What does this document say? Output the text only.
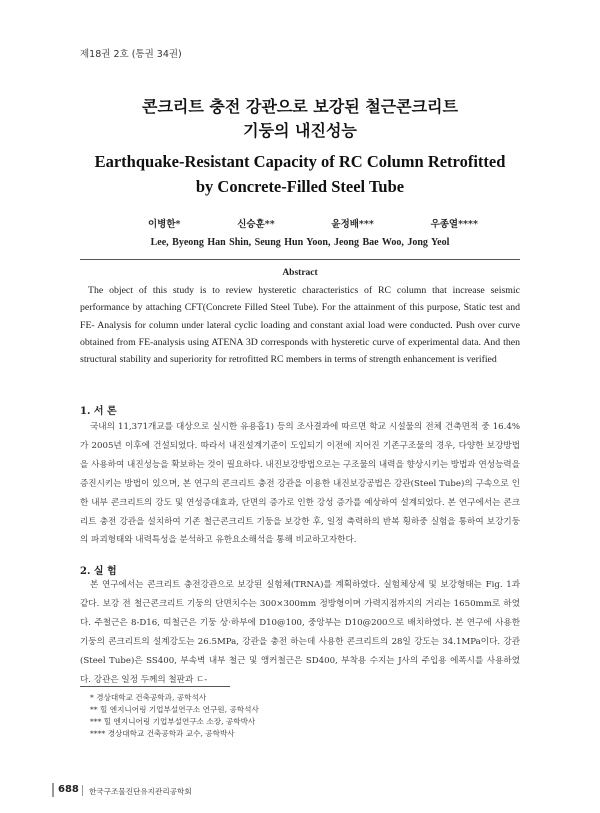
제18권 2호 (통권 34권)
콘크리트 충전 강관으로 보강된 철근콘크리트
기둥의 내진성능
Earthquake-Resistant Capacity of RC Column Retrofitted
by Concrete-Filled Steel Tube
이병한*	신승훈**	윤정배***	우종열****
Lee, Byeong Han Shin, Seung Hun Yoon, Jeong Bae Woo, Jong Yeol
Abstract

The object of this study is to review hysteretic characteristics of RC column that increase seismic performance by attaching CFT(Concrete Filled Steel Tube). For the attainment of this purpose, Static test and FE- Analysis for column under lateral cyclic loading and constant axial load were conducted. Push over curve obtained from FE-analysis using ATENA 3D corresponds with hysteretic curve of experimental data. And then structural stability and superiority for retrofitted RC members in terms of strength enhancement is verified

1. 서 론

국내의 11,371개교를 대상으로 실시한 유용흡1) 등의 조사결과에 따르면 학교 시설물의 전체 건축면적 중 16.4%가 2005년 이후에 건설되었다. 따라서 내진설계기준이 도입되기 이전에 지어진 기존구조물의 경우, 다양한 보강방법을 사용하여 내진성능을 확보하는 것이 필요하다. 내진보강방법으로는 구조물의 내력을 향상시키는 방법과 연성능력을 증진시키는 방법이 있으며, 본 연구의 콘크리트 충전 강관을 이용한 내진보강공법은 강관(Steel Tube)의 구속으로 인한 내부 콘크리트의 강도 및 연성증대효과, 단면의 증가로 인한 강성 증가를 예상하여 설계되었다. 본 연구에서는 콘크리트 충전 강관을 설치하여 기존 철근콘크리트 기둥을 보강한 후, 일정 축력하의 반복 횡하중 실험을 통하여 보강기둥의 파괴형태와 내력특성을 분석하고 유한요소해석을 통해 비교하고자한다.

2. 실 험

본 연구에서는 콘크리트 충전강관으로 보강된 실험체(TRNA)를 계획하였다. 실험체상세 및 보강형태는 Fig. 1과 같다. 보강 전 철근콘크리트 기둥의 단면치수는 300×300mm 정방형이며 가력지점까지의 거리는 1650mm로 하였다. 주철근은 8-D16, 띠철근은 기둥 상·하부에 D10@100, 중앙부는 D10@200으로 배치하였다. 본 연구에 사용한 기둥의 콘크리트의 설계강도는 26.5MPa, 강관을 충전 하는데 사용한 콘크리트의 28일 강도는 34.1MPa이다. 강관(Steel Tube)은 SS400, 부속벽 내부 철근 및 앵커철근은 SD400, 부착용 수지는 J사의 주입용 에폭시를 사용하였다. 강관은 일정 두께의 철판과 ㄷ-

* 경상대학교 건축공학과, 공학석사
** 힐 엔지니어링 기업부설연구소 연구원, 공학석사
*** 힐 엔지니어링 기업부설연구소 소장, 공학박사
**** 경상대학교 건축공학과 교수, 공학박사
688 한국구조물진단유지관리공학회
